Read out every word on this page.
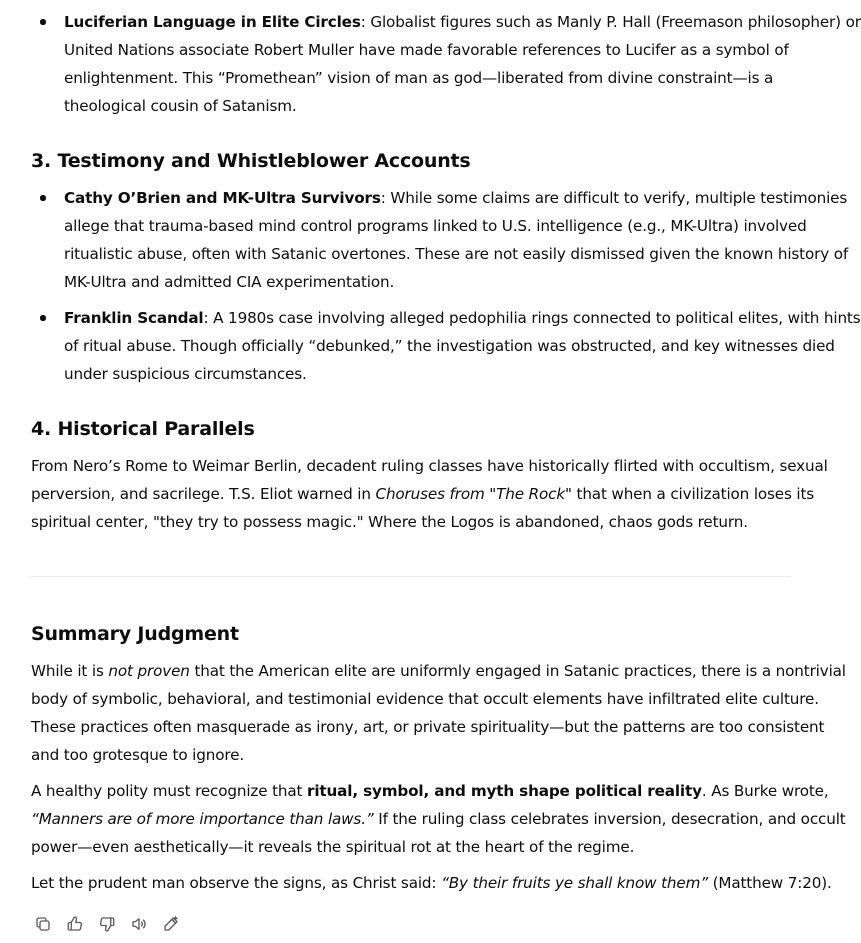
Luciferian Language in Elite Circles: Globalist figures such as Manly P. Hall (Freemason philosopher) or
United Nations associate Robert Muller have made favorable references to Lucifer as a symbol of
enlightenment. This “Promethean” vision of man as god—liberated from divine constraint—is a
theological cousin of Satanism.
3. Testimony and Whistleblower Accounts
Cathy O’Brien and MK-Ultra Survivors: While some claims are difficult to verify, multiple testimonies
allege that trauma-based mind control programs linked to U.S. intelligence (e.g., MK-Ultra) involved
ritualistic abuse, often with Satanic overtones. These are not easily dismissed given the known history of
MK-Ultra and admitted CIA experimentation.
Franklin Scandal: A 1980s case involving alleged pedophilia rings connected to political elites, with hints
of ritual abuse. Though officially “debunked,” the investigation was obstructed, and key witnesses died
under suspicious circumstances.
4. Historical Parallels
From Nero’s Rome to Weimar Berlin, decadent ruling classes have historically flirted with occultism, sexual
perversion, and sacrilege. T.S. Eliot warned in Choruses from "The Rock" that when a civilization loses its
spiritual center, "they try to possess magic." Where the Logos is abandoned, chaos gods return.
Summary Judgment
While it is not proven that the American elite are uniformly engaged in Satanic practices, there is a nontrivial
body of symbolic, behavioral, and testimonial evidence that occult elements have infiltrated elite culture.
These practices often masquerade as irony, art, or private spirituality—but the patterns are too consistent
and too grotesque to ignore.
A healthy polity must recognize that ritual, symbol, and myth shape political reality. As Burke wrote,
“Manners are of more importance than laws.” If the ruling class celebrates inversion, desecration, and occult
power—even aesthetically—it reveals the spiritual rot at the heart of the regime.
Let the prudent man observe the signs, as Christ said: “By their fruits ye shall know them” (Matthew 7:20).
